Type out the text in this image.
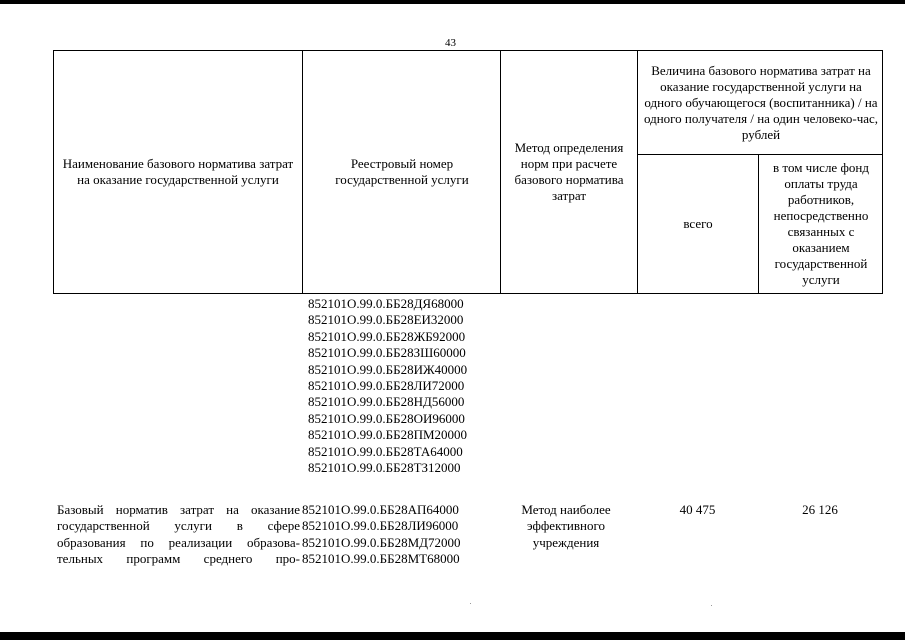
43
Наименование базового норматива затрат на оказание государственной услуги
Реестровый номер государственной услуги
Метод определения норм при расчете базового норматива затрат
Величина базового норматива затрат на оказание государственной услуги на одного обучающегося (воспитанника) / на одного получателя / на один человеко-час, рублей
всего
в том числе фонд оплаты труда работников, непосредственно связанных с оказанием государственной услуги
852101О.99.0.ББ28ДЯ68000
852101О.99.0.ББ28ЕИ32000
852101О.99.0.ББ28ЖБ92000
852101О.99.0.ББ28ЗШ60000
852101О.99.0.ББ28ИЖ40000
852101О.99.0.ББ28ЛИ72000
852101О.99.0.ББ28НД56000
852101О.99.0.ББ28ОИ96000
852101О.99.0.ББ28ПМ20000
852101О.99.0.ББ28ТА64000
852101О.99.0.ББ28ТЗ12000
Базовый норматив затрат на оказание
государственной услуги в сфере
образования по реализации образова-
тельных программ среднего про-
852101О.99.0.ББ28АП64000
852101О.99.0.ББ28ЛИ96000
852101О.99.0.ББ28МД72000
852101О.99.0.ББ28МТ68000
Метод наиболее эффективного учреждения
40 475	26 126
